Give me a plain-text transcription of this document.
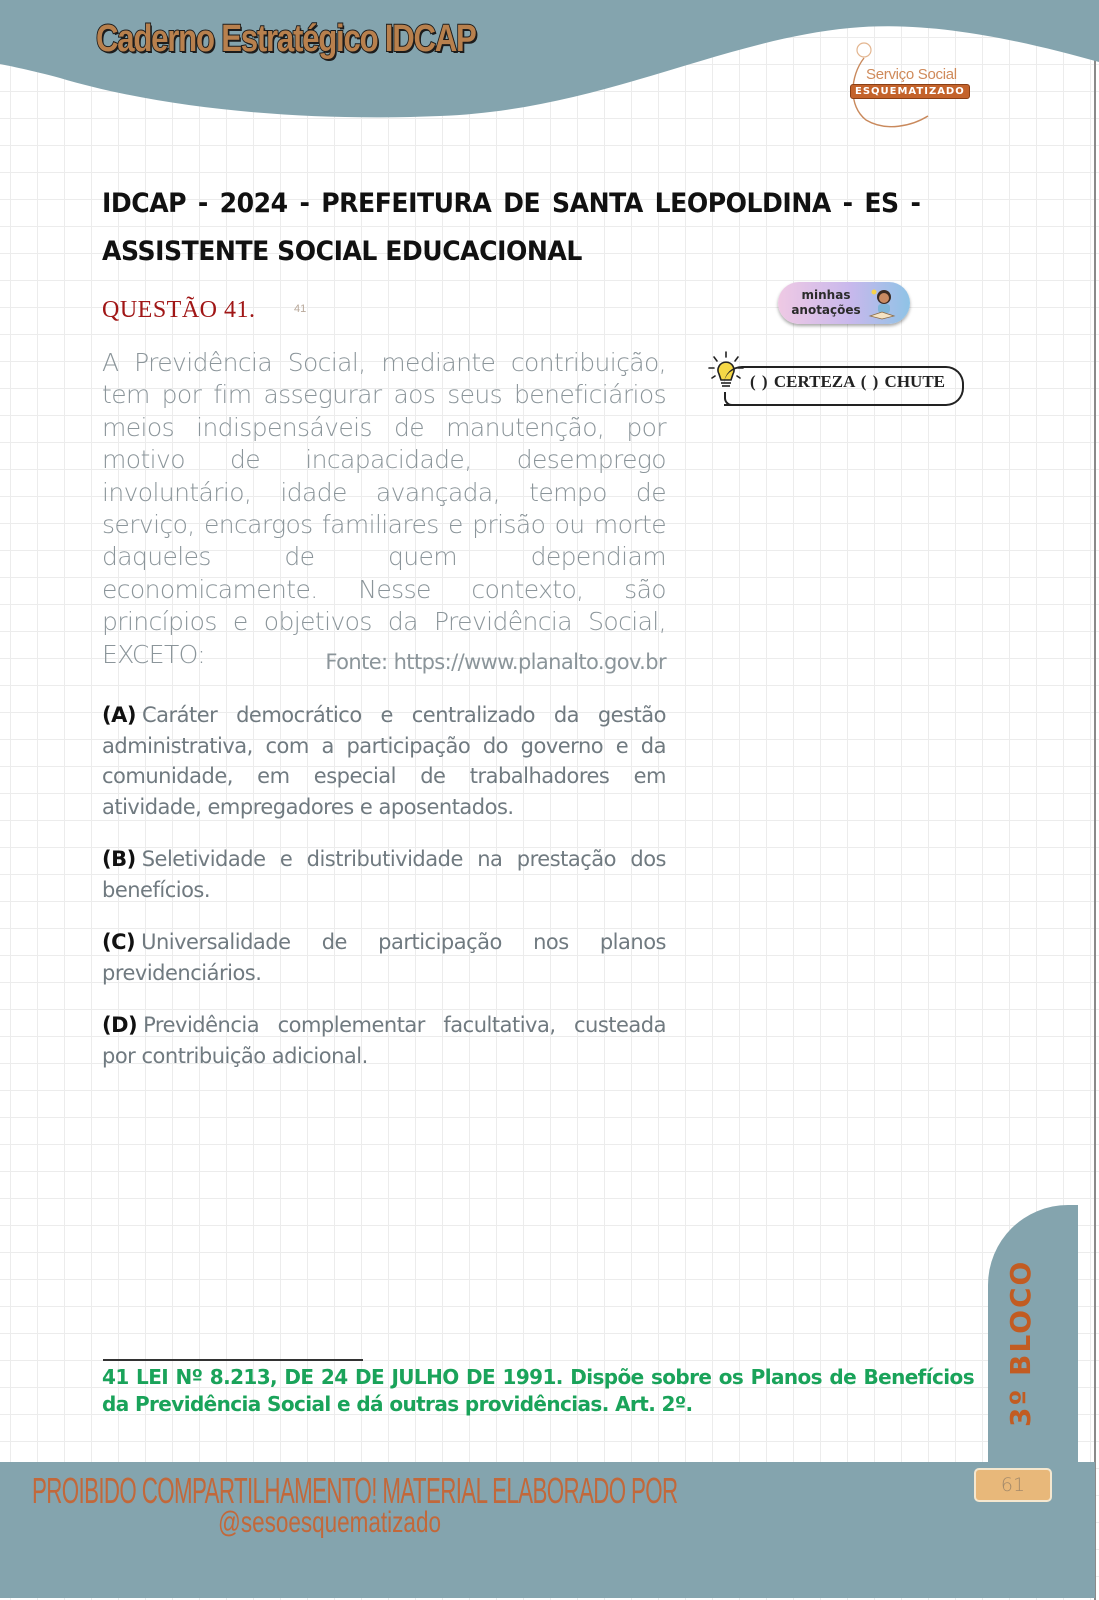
Caderno Estratégico IDCAP
Serviço Social
ESQUEMATIZADO
IDCAP - 2024 - PREFEITURA DE SANTA LEOPOLDINA - ES - ASSISTENTE SOCIAL EDUCACIONAL
QUESTÃO 41.	41
minhas
anotações
( ) CERTEZA ( ) CHUTE
A Previdência Social, mediante contribuição, tem por fim assegurar aos seus beneficiários meios indispensáveis de manutenção, por motivo de incapacidade, desemprego involuntário, idade avançada, tempo de serviço, encargos familiares e prisão ou morte daqueles de quem dependiam economicamente. Nesse contexto, são princípios e objetivos da Previdência Social, EXCETO:	Fonte: https://www.planalto.gov.br
(A) Caráter democrático e centralizado da gestão administrativa, com a participação do governo e da comunidade, em especial de trabalhadores em atividade, empregadores e aposentados.
(B) Seletividade e distributividade na prestação dos benefícios.
(C) Universalidade de participação nos planos previdenciários.
(D) Previdência complementar facultativa, custeada por contribuição adicional.
41 LEI Nº 8.213, DE 24 DE JULHO DE 1991. Dispõe sobre os Planos de Benefícios da Previdência Social e dá outras providências. Art. 2º.	3º BLOCO
PROIBIDO COMPARTILHAMENTO! MATERIAL ELABORADO POR
@sesoesquematizado
61
